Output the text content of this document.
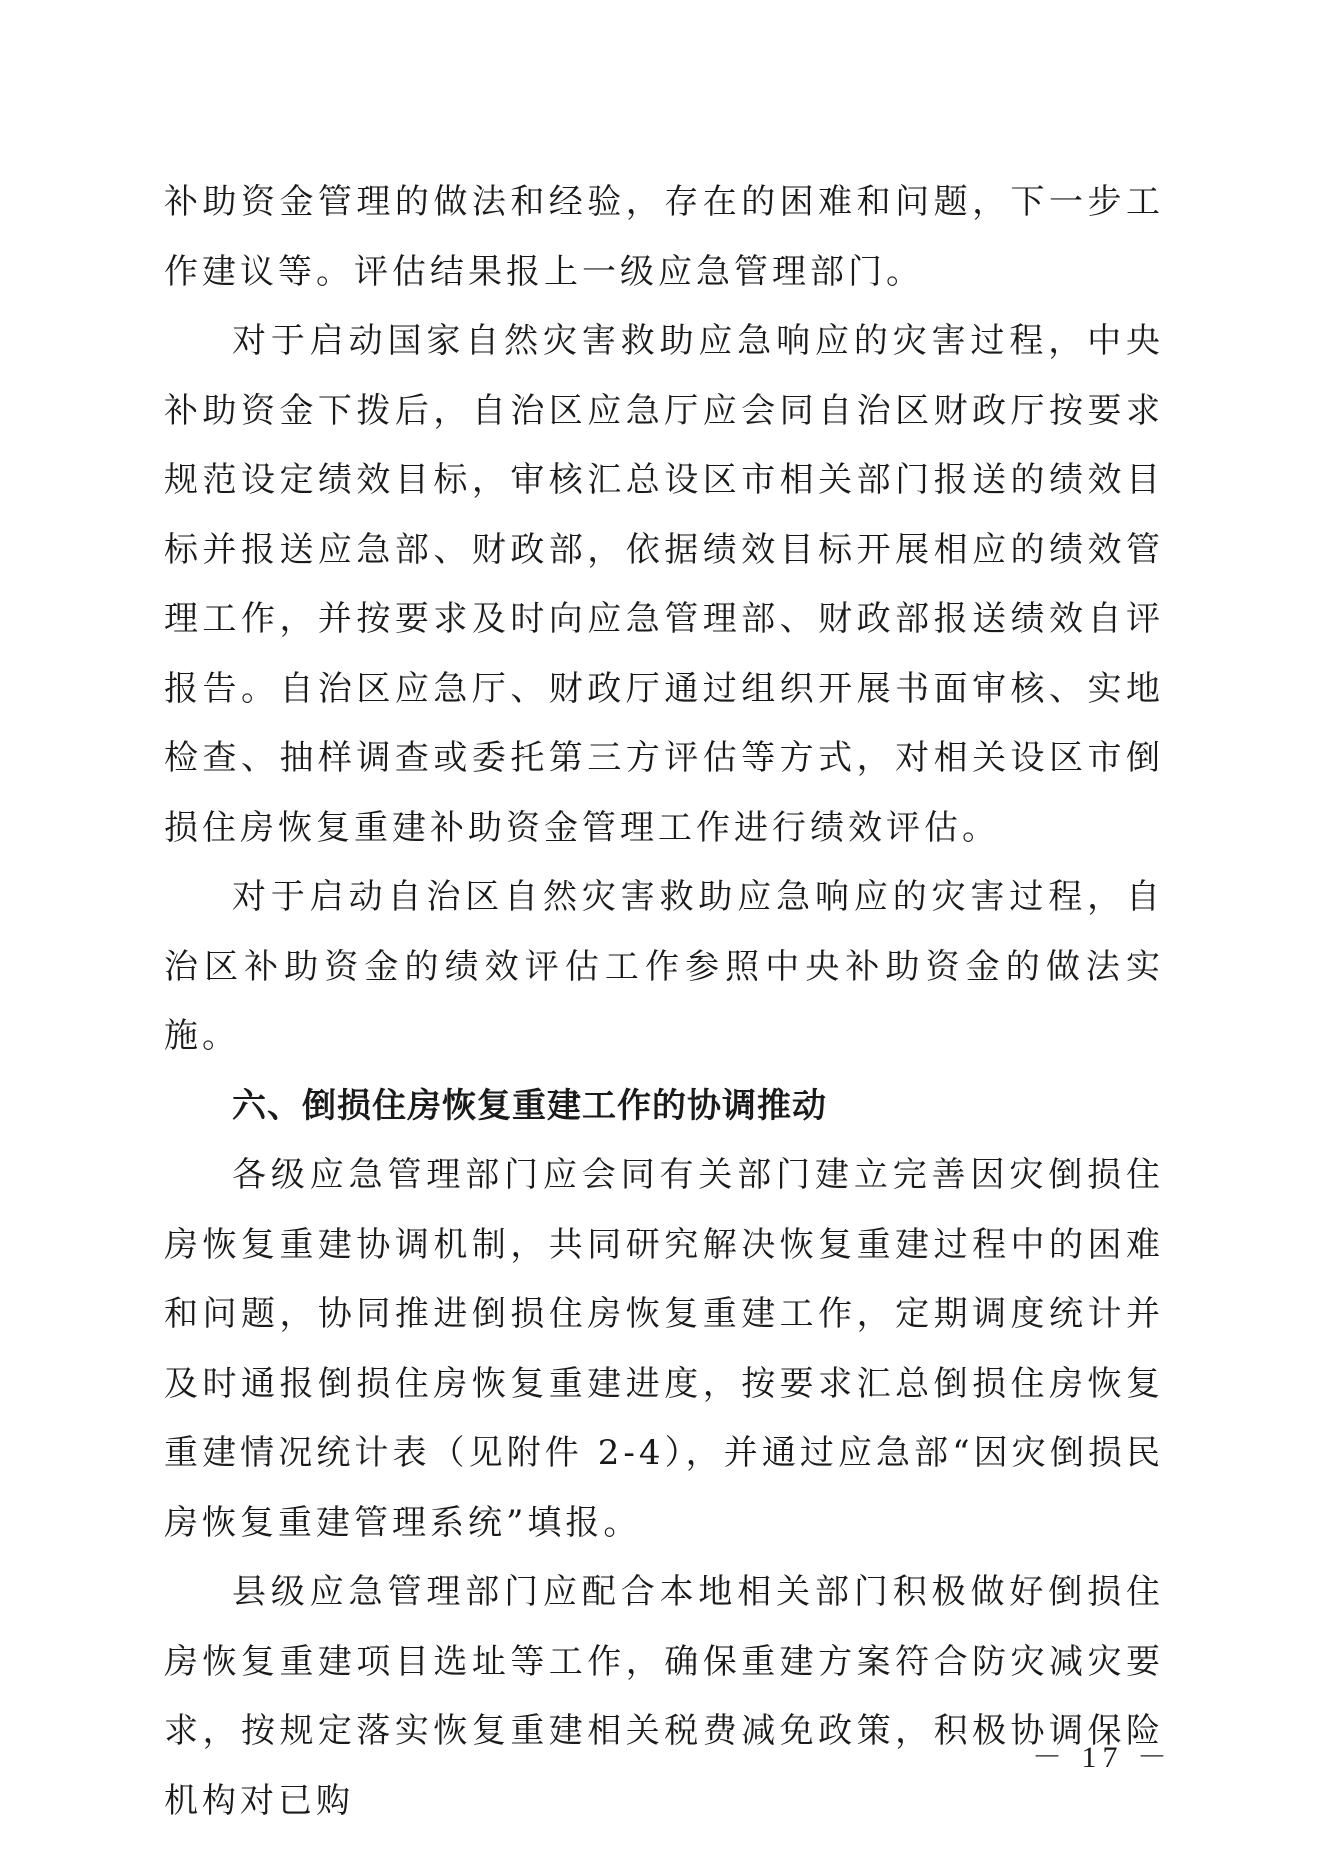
补助资金管理的做法和经验，存在的困难和问题，下一步工作建议等。评估结果报上一级应急管理部门。

对于启动国家自然灾害救助应急响应的灾害过程，中央补助资金下拨后，自治区应急厅应会同自治区财政厅按要求规范设定绩效目标，审核汇总设区市相关部门报送的绩效目标并报送应急部、财政部，依据绩效目标开展相应的绩效管理工作，并按要求及时向应急管理部、财政部报送绩效自评报告。自治区应急厅、财政厅通过组织开展书面审核、实地检查、抽样调查或委托第三方评估等方式，对相关设区市倒损住房恢复重建补助资金管理工作进行绩效评估。

对于启动自治区自然灾害救助应急响应的灾害过程，自治区补助资金的绩效评估工作参照中央补助资金的做法实施。

六、倒损住房恢复重建工作的协调推动

各级应急管理部门应会同有关部门建立完善因灾倒损住房恢复重建协调机制，共同研究解决恢复重建过程中的困难和问题，协同推进倒损住房恢复重建工作，定期调度统计并及时通报倒损住房恢复重建进度，按要求汇总倒损住房恢复重建情况统计表（见附件 2-4），并通过应急部“因灾倒损民房恢复重建管理系统”填报。

县级应急管理部门应配合本地相关部门积极做好倒损住房恢复重建项目选址等工作，确保重建方案符合防灾减灾要求，按规定落实恢复重建相关税费减免政策，积极协调保险机构对已购

－ 17 －
